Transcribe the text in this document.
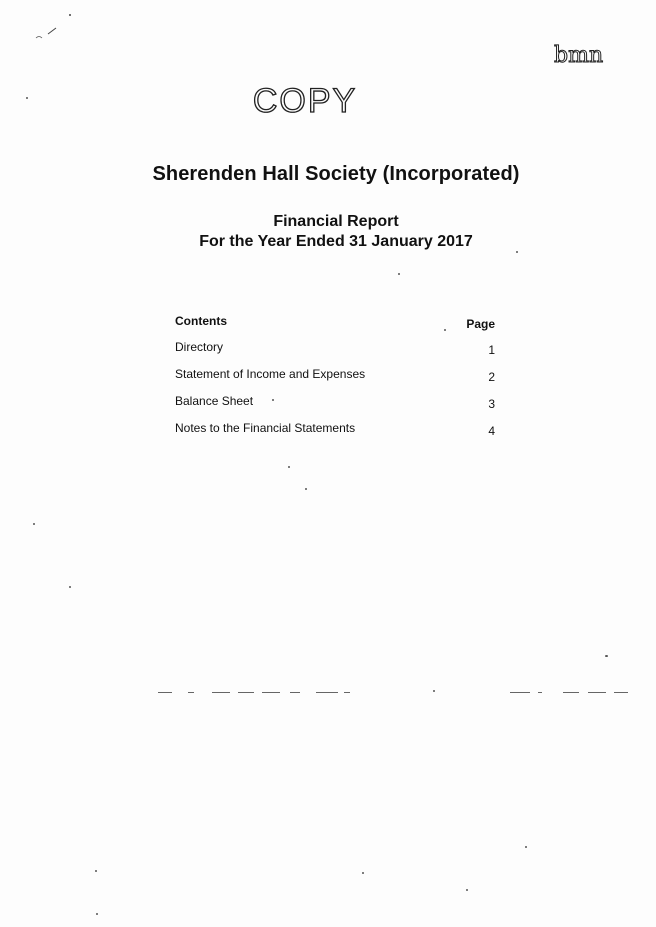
bmn
COPY
Sherenden Hall Society (Incorporated)
Financial Report
For the Year Ended 31 January 2017
Contents	Page
Directory	1
Statement of Income and Expenses	2
Balance Sheet	3
Notes to the Financial Statements	4
